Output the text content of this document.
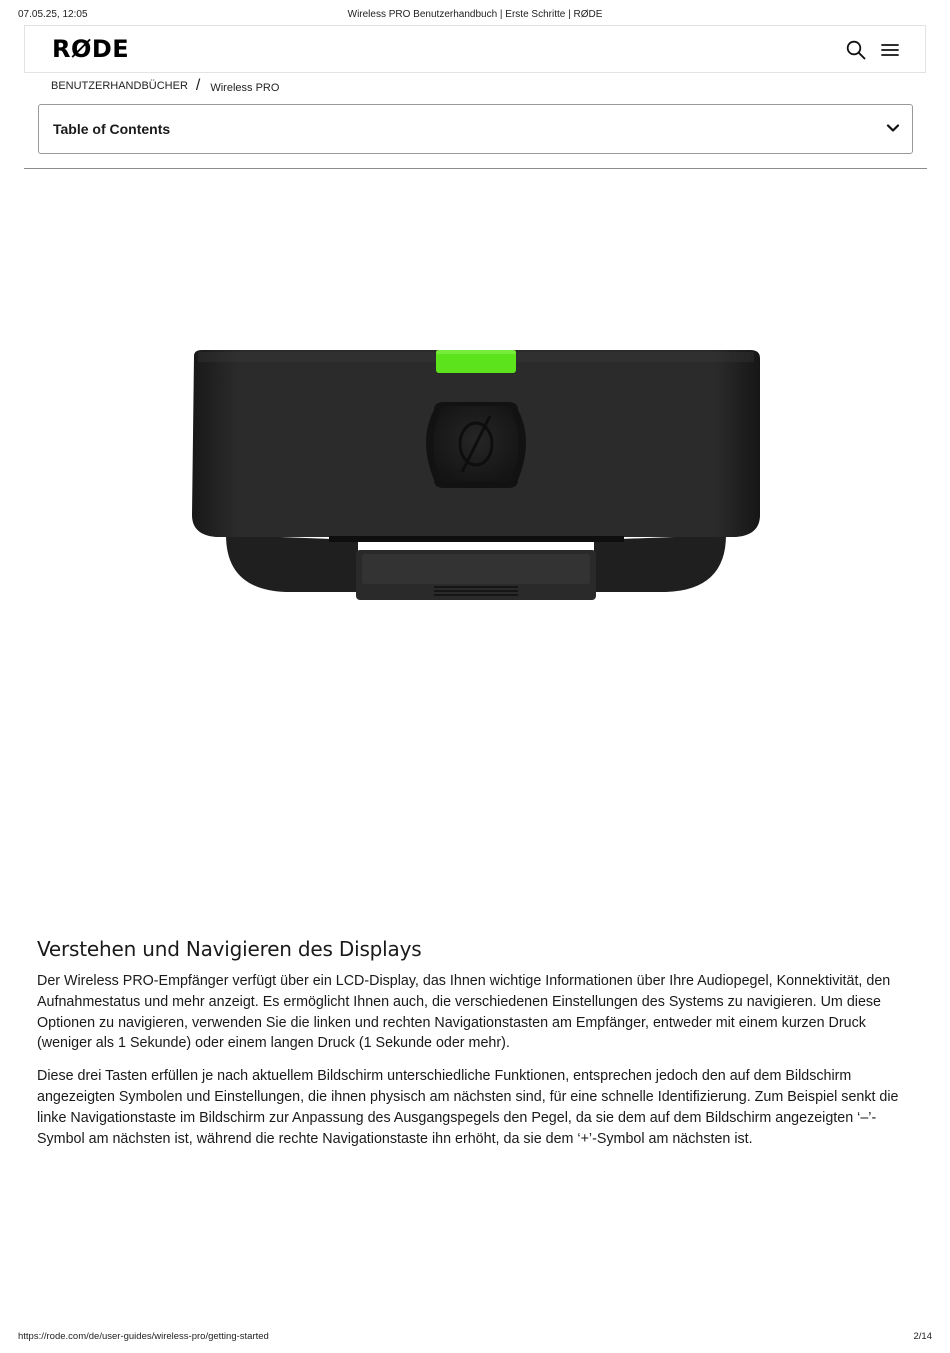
07.05.25, 12:05	Wireless PRO Benutzerhandbuch | Erste Schritte | RØDE
RØDE
BENUTZERHANDBÜCHER / Wireless PRO
Table of Contents
Verstehen und Navigieren des Displays

Der Wireless PRO-Empfänger verfügt über ein LCD-Display, das Ihnen wichtige Informationen über Ihre Audiopegel, Konnektivität, den Aufnahmestatus und mehr anzeigt. Es ermöglicht Ihnen auch, die verschiedenen Einstellungen des Systems zu navigieren. Um diese Optionen zu navigieren, verwenden Sie die linken und rechten Navigationstasten am Empfänger, entweder mit einem kurzen Druck (weniger als 1 Sekunde) oder einem langen Druck (1 Sekunde oder mehr).

Diese drei Tasten erfüllen je nach aktuellem Bildschirm unterschiedliche Funktionen, entsprechen jedoch den auf dem Bildschirm angezeigten Symbolen und Einstellungen, die ihnen physisch am nächsten sind, für eine schnelle Identifizierung. Zum Beispiel senkt die linke Navigationstaste im Bildschirm zur Anpassung des Ausgangspegels den Pegel, da sie dem auf dem Bildschirm angezeigten ‘–’-Symbol am nächsten ist, während die rechte Navigationstaste ihn erhöht, da sie dem ‘+’-Symbol am nächsten ist.

https://rode.com/de/user-guides/wireless-pro/getting-started	2/14
